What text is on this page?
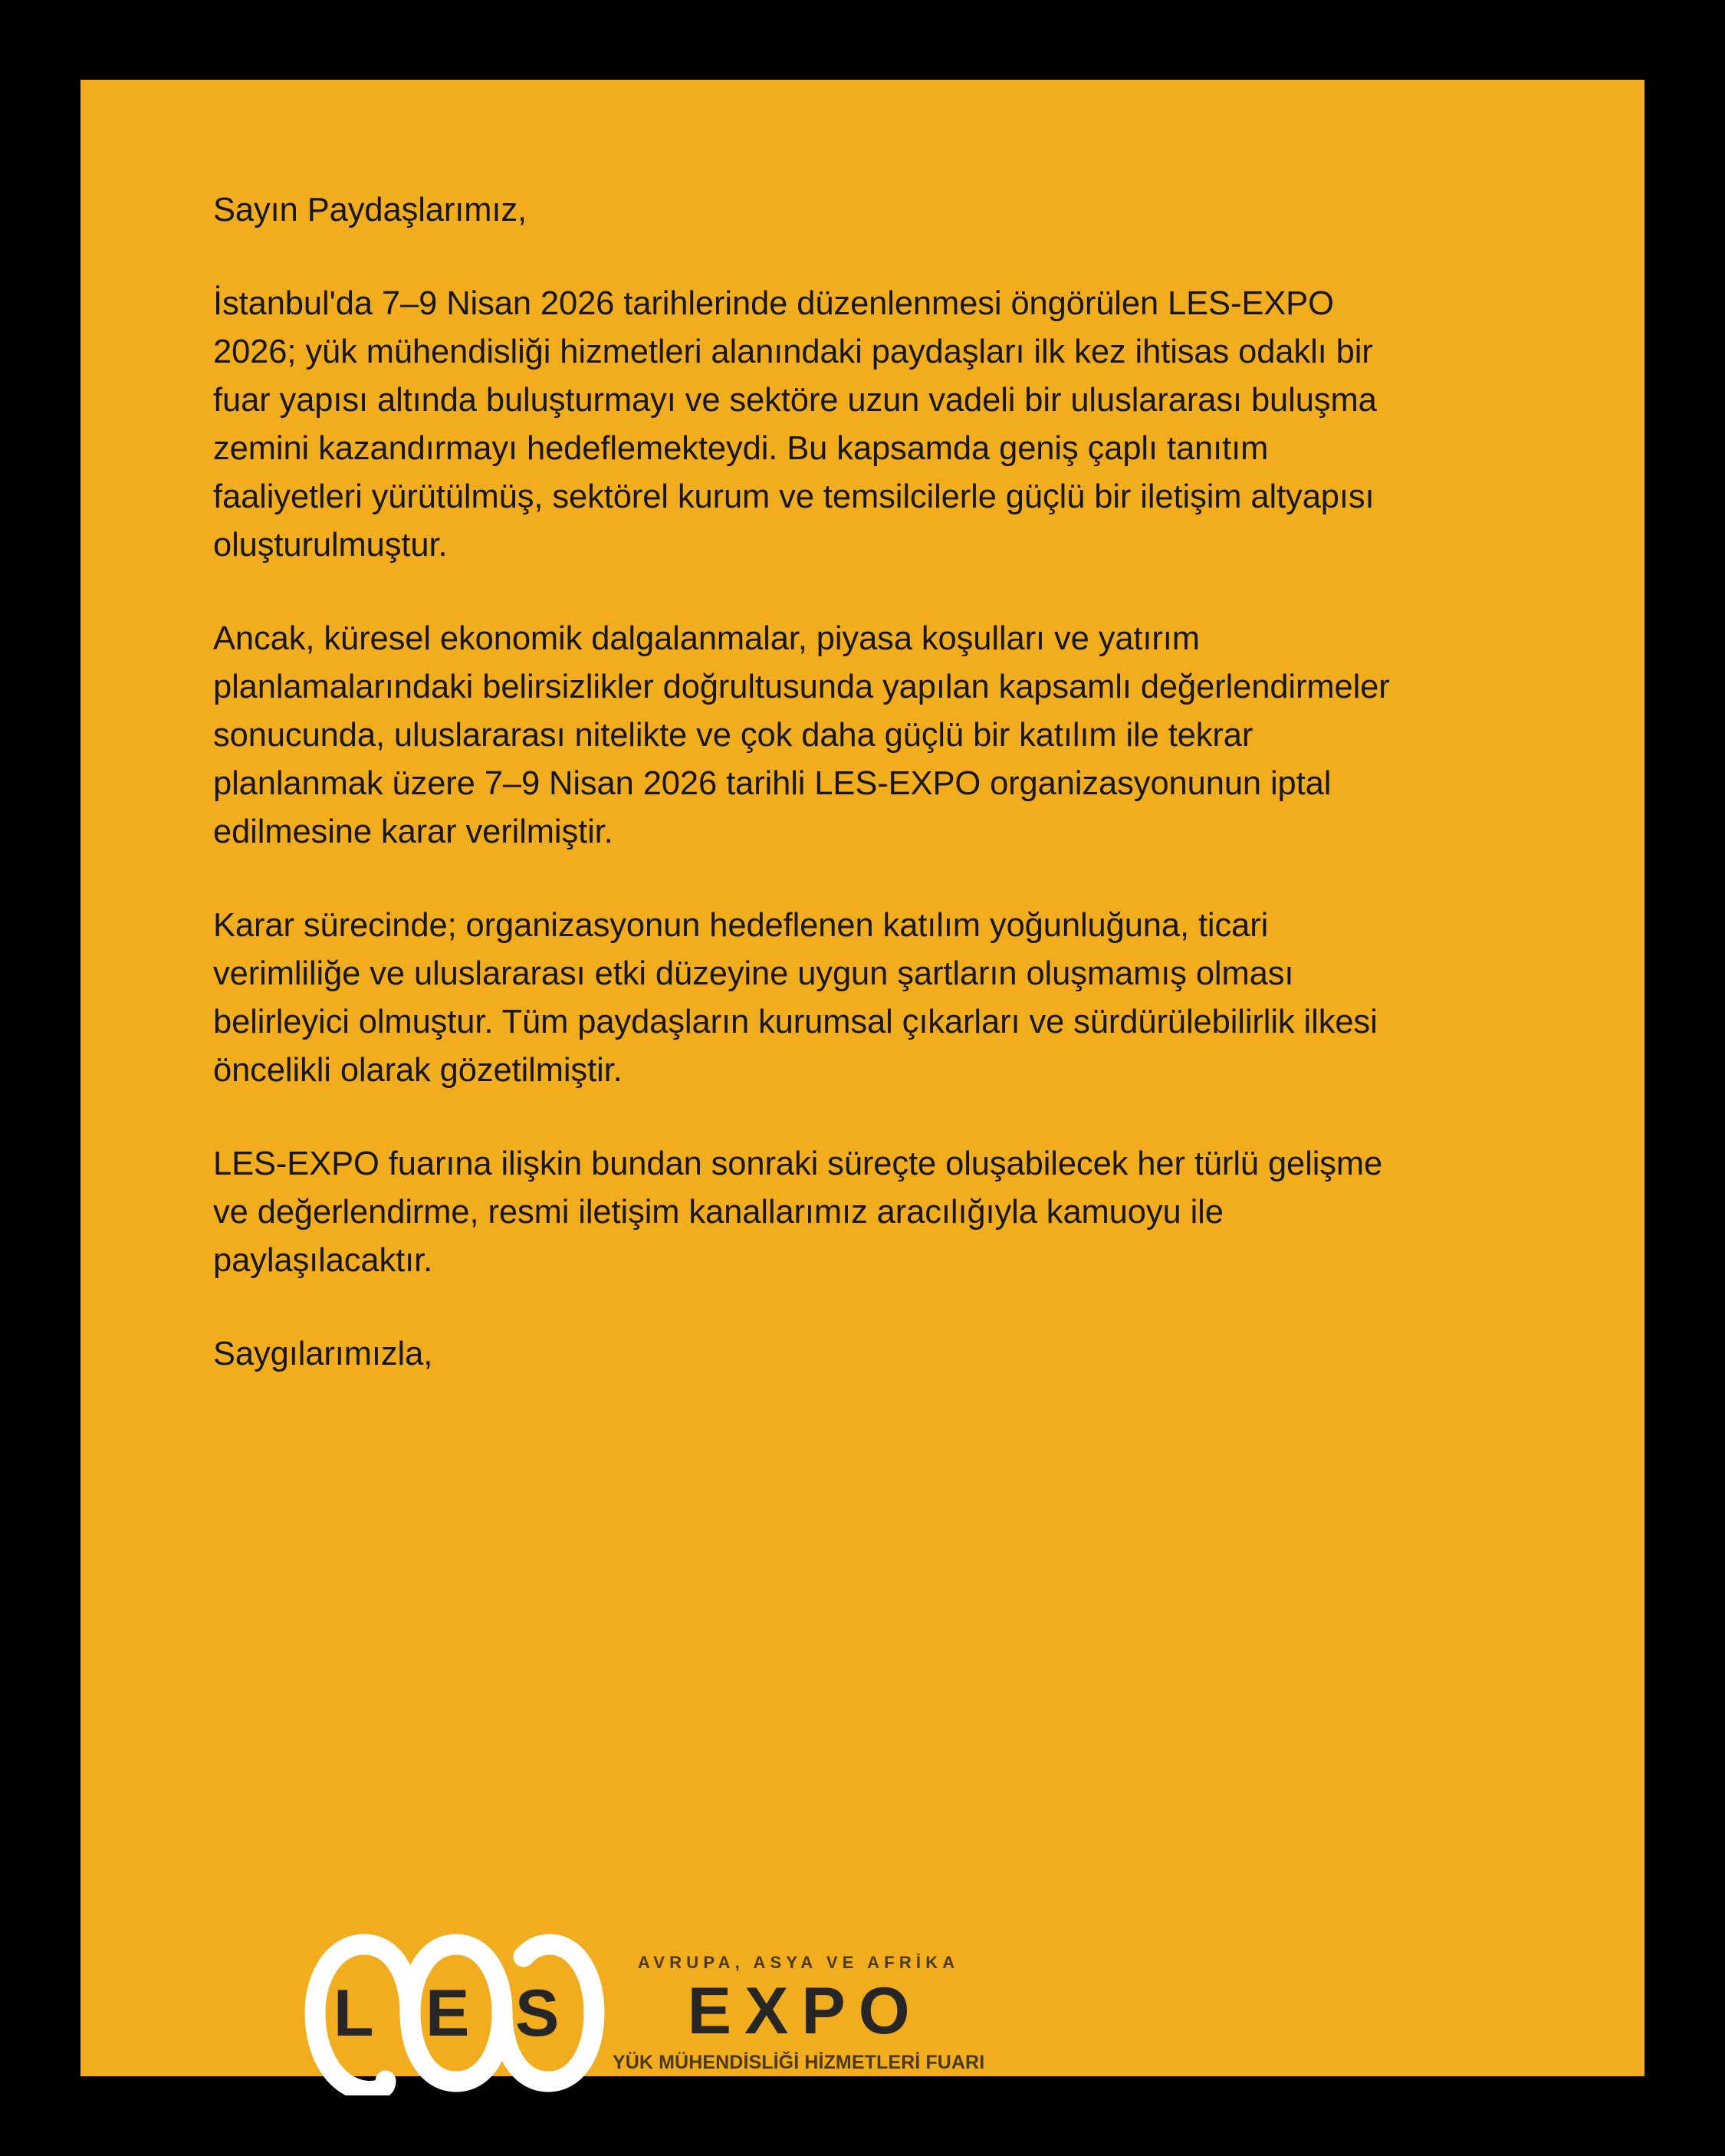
Sayın Paydaşlarımız,

İstanbul'da 7–9 Nisan 2026 tarihlerinde düzenlenmesi öngörülen LES-EXPO 2026; yük mühendisliği hizmetleri alanındaki paydaşları ilk kez ihtisas odaklı bir fuar yapısı altında buluşturmayı ve sektöre uzun vadeli bir uluslararası buluşma zemini kazandırmayı hedeflemekteydi. Bu kapsamda geniş çaplı tanıtım faaliyetleri yürütülmüş, sektörel kurum ve temsilcilerle güçlü bir iletişim altyapısı oluşturulmuştur.

Ancak, küresel ekonomik dalgalanmalar, piyasa koşulları ve yatırım planlamalarındaki belirsizlikler doğrultusunda yapılan kapsamlı değerlendirmeler sonucunda, uluslararası nitelikte ve çok daha güçlü bir katılım ile tekrar planlanmak üzere 7–9 Nisan 2026 tarihli LES-EXPO organizasyonunun iptal edilmesine karar verilmiştir.

Karar sürecinde; organizasyonun hedeflenen katılım yoğunluğuna, ticari verimliliğe ve uluslararası etki düzeyine uygun şartların oluşmamış olması belirleyici olmuştur. Tüm paydaşların kurumsal çıkarları ve sürdürülebilirlik ilkesi öncelikli olarak gözetilmiştir.

LES-EXPO fuarına ilişkin bundan sonraki süreçte oluşabilecek her türlü gelişme ve değerlendirme, resmi iletişim kanallarımız aracılığıyla kamuoyu ile paylaşılacaktır.

Saygılarımızla,

L E S
AVRUPA, ASYA VE AFRİKA
EXPO
YÜK MÜHENDİSLİĞİ HİZMETLERİ FUARI
